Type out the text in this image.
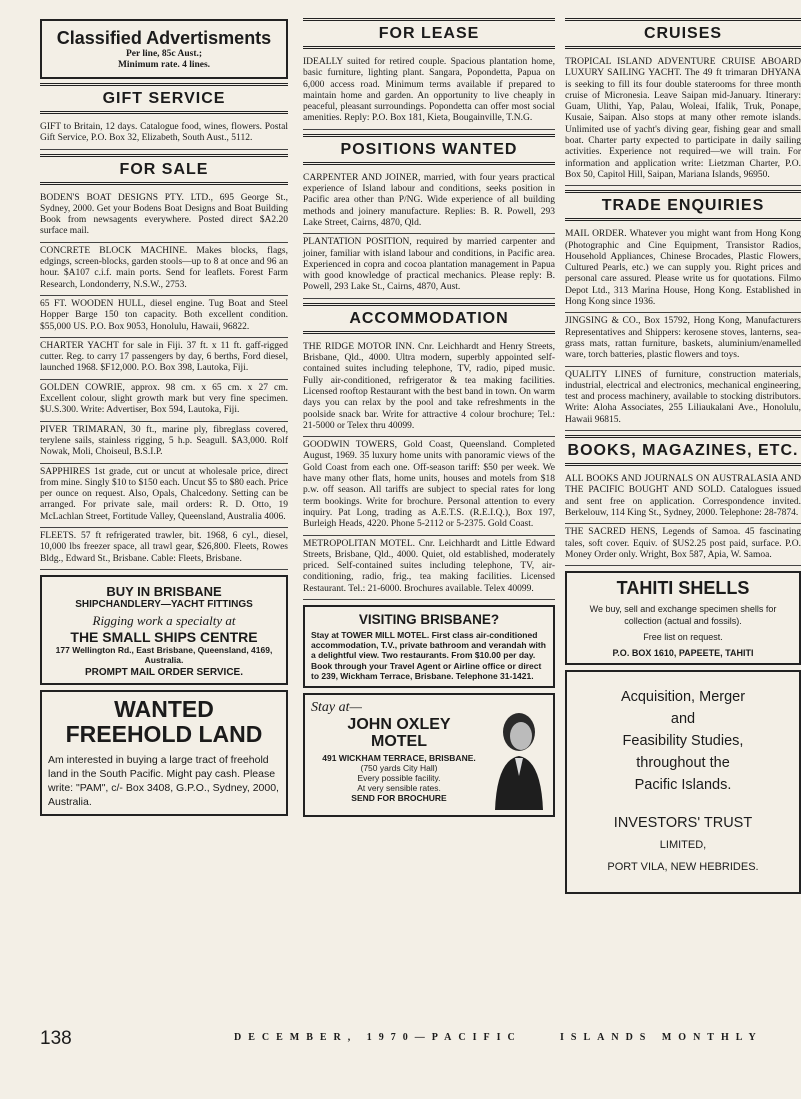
Classified Advertisments
Per line, 85c Aust.;
Minimum rate. 4 lines.
GIFT SERVICE
GIFT to Britain, 12 days. Catalogue food, wines, flowers. Postal Gift Service, P.O. Box 32, Elizabeth, South Aust., 5112.
FOR SALE
BODEN'S BOAT DESIGNS PTY. LTD., 695 George St., Sydney, 2000. Get your Bodens Boat Designs and Boat Building Book from newsagents everywhere. Posted direct $A2.20 surface mail.
CONCRETE BLOCK MACHINE. Makes blocks, flags, edgings, screen-blocks, garden stools—up to 8 at once and 96 an hour. $A107 c.i.f. main ports. Send for leaflets. Forest Farm Research, Londonderry, N.S.W., 2753.
65 FT. WOODEN HULL, diesel engine. Tug Boat and Steel Hopper Barge 150 ton capacity. Both excellent condition. $55,000 US. P.O. Box 9053, Honolulu, Hawaii, 96822.
CHARTER YACHT for sale in Fiji. 37 ft. x 11 ft. gaff-rigged cutter. Reg. to carry 17 passengers by day, 6 berths, Ford diesel, launched 1968. $F12,000. P.O. Box 398, Lautoka, Fiji.
GOLDEN COWRIE, approx. 98 cm. x 65 cm. x 27 cm. Excellent colour, slight growth mark but very fine specimen. $U.S.300. Write: Advertiser, Box 594, Lautoka, Fiji.
PIVER TRIMARAN, 30 ft., marine ply, fibreglass covered, terylene sails, stainless rigging, 5 h.p. Seagull. $A3,000. Rolf Nowak, Moli, Choiseul, B.S.I.P.
SAPPHIRES 1st grade, cut or uncut at wholesale price, direct from mine. Singly $10 to $150 each. Uncut $5 to $80 each. Price per ounce on request. Also, Opals, Chalcedony. Setting can be arranged. For private sale, mail orders: R. D. Otto, 19 McLachlan Street, Fortitude Valley, Queensland, Australia 4006.
FLEETS. 57 ft refrigerated trawler, bit. 1968, 6 cyl., diesel, 10,000 lbs freezer space, all trawl gear, $26,800. Fleets, Rowes Bldg., Edward St., Brisbane. Cable: Fleets, Brisbane.
BUY IN BRISBANE
SHIPCHANDLERY—YACHT FITTINGS
Rigging work a specialty at
THE SMALL SHIPS CENTRE
177 Wellington Rd., East Brisbane, Queensland, 4169, Australia.
PROMPT MAIL ORDER SERVICE.
WANTED
FREEHOLD LAND
Am interested in buying a large tract of freehold land in the South Pacific. Might pay cash. Please write: "PAM", c/- Box 3408, G.P.O., Sydney, 2000, Australia.
FOR LEASE
IDEALLY suited for retired couple. Spacious plantation home, basic furniture, lighting plant. Sangara, Popondetta, Papua on 6,000 access road. Minimum terms available if prepared to maintain home and garden. An opportunity to live cheaply in peaceful, pleasant surroundings. Popondetta can offer most social amenities. Reply: P.O. Box 181, Kieta, Bougainville, T.N.G.
POSITIONS WANTED
CARPENTER AND JOINER, married, with four years practical experience of Island labour and conditions, seeks position in Pacific area other than P/NG. Wide experience of all building methods and joinery manufacture. Replies: B. R. Powell, 293 Lake Street, Cairns, 4870, Qld.
PLANTATION POSITION, required by married carpenter and joiner, familiar with island labour and conditions, in Pacific area. Experienced in copra and cocoa plantation management in Papua with good knowledge of practical mechanics. Please reply: B. Powell, 293 Lake St., Cairns, 4870, Aust.
ACCOMMODATION
THE RIDGE MOTOR INN. Cnr. Leichhardt and Henry Streets, Brisbane, Qld., 4000. Ultra modern, superbly appointed self-contained suites including telephone, TV, radio, piped music. Fully air-conditioned, refrigerator & tea making facilities. Licensed rooftop Restaurant with the best band in town. On warm days you can relax by the pool and take refreshments in the poolside snack bar. Write for attractive 4 colour brochure; Tel.: 21-5000 or Telex thru 40099.
GOODWIN TOWERS, Gold Coast, Queensland. Completed August, 1969. 35 luxury home units with panoramic views of the Gold Coast from each one. Off-season tariff: $50 per week. We have many other flats, home units, houses and motels from $18 p.w. off season. All tariffs are subject to special rates for long term bookings. Write for brochure. Personal attention to every inquiry. Pat Long, trading as A.E.T.S. (R.E.I.Q.), Box 197, Burleigh Heads, 4220. Phone 5-2112 or 5-2375. Gold Coast.
METROPOLITAN MOTEL. Cnr. Leichhardt and Little Edward Streets, Brisbane, Qld., 4000. Quiet, old established, moderately priced. Self-contained suites including telephone, TV, air-conditioning, radio, frig., tea making facilities. Licensed Restaurant. Tel.: 21-6000. Brochures available. Telex 40099.
VISITING BRISBANE?
Stay at TOWER MILL MOTEL. First class air-conditioned accommodation, T.V., private bathroom and verandah with a delightful view. Two restaurants. From $10.00 per day. Book through your Travel Agent or Airline office or direct to 239, Wickham Terrace, Brisbane. Telephone 31-1421.
Stay at—
JOHN OXLEY
MOTEL
491 WICKHAM TERRACE, BRISBANE.
(750 yards City Hall)
Every possible facility.
At very sensible rates.
SEND FOR BROCHURE
CRUISES
TROPICAL ISLAND ADVENTURE CRUISE ABOARD LUXURY SAILING YACHT. The 49 ft trimaran DHYANA is seeking to fill its four double staterooms for three month cruise of Micronesia. Leave Saipan mid-January. Itinerary: Guam, Ulithi, Yap, Palau, Woleai, Ifalik, Truk, Ponape, Kusaie, Saipan. Also stops at many other remote islands. Unlimited use of yacht's diving gear, fishing gear and small boat. Charter party expected to participate in daily sailing activities. Experience not required—we will train. For information and application write: Lietzman Charter, P.O. Box 50, Capitol Hill, Saipan, Mariana Islands, 96950.
TRADE ENQUIRIES
MAIL ORDER. Whatever you might want from Hong Kong (Photographic and Cine Equipment, Transistor Radios, Household Appliances, Chinese Brocades, Plastic Flowers, Cultured Pearls, etc.) we can supply you. Right prices and personal care assured. Please write us for quotations. Filmo Depot Ltd., 313 Marina House, Hong Kong. Established in Hong Kong since 1936.
JINGSING & CO., Box 15792, Hong Kong, Manufacturers Representatives and Shippers: kerosene stoves, lanterns, sea-grass mats, rattan furniture, baskets, aluminium/enamelled ware, torch batteries, plastic flowers and toys.
QUALITY LINES of furniture, construction materials, industrial, electrical and electronics, mechanical engineering, test and process machinery, available to stocking distributors. Write: Aloha Associates, 255 Liliaukalani Ave., Honolulu, Hawaii 96815.
BOOKS, MAGAZINES, ETC.
ALL BOOKS AND JOURNALS ON AUSTRALASIA AND THE PACIFIC BOUGHT AND SOLD. Catalogues issued and sent free on application. Correspondence invited. Berkelouw, 114 King St., Sydney, 2000. Telephone: 28-7874.
THE SACRED HENS, Legends of Samoa. 45 fascinating tales, soft cover. Equiv. of $US2.25 post paid, surface. P.O. Money Order only. Wright, Box 587, Apia, W. Samoa.
TAHITI SHELLS
We buy, sell and exchange specimen shells for collection (actual and fossils).
Free list on request.
P.O. BOX 1610, PAPEETE, TAHITI
Acquisition, Merger
and
Feasibility Studies,
throughout the
Pacific Islands.
INVESTORS' TRUST
LIMITED,
PORT VILA, NEW HEBRIDES.
138	DECEMBER, 1970—PACIFIC	ISLANDS MONTHLY
